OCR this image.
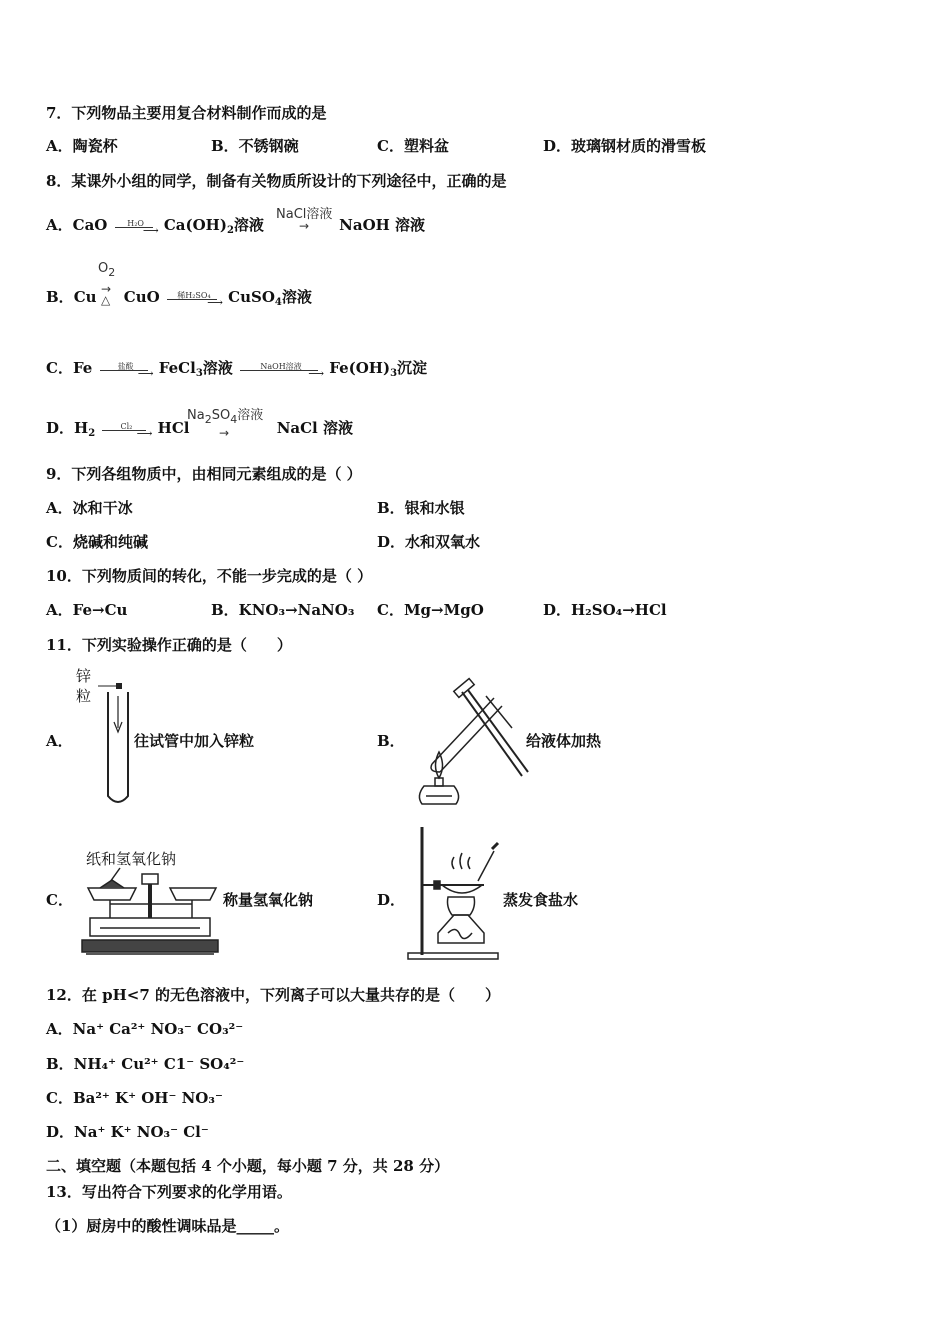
7．下列物品主要用复合材料制作而成的是
A．陶瓷杯	B．不锈钢碗	C．塑料盆	D．玻璃钢材质的滑雪板
8．某课外小组的同学，制备有关物质所设计的下列途径中，正确的是
A．CaO	H₂O
⟶ $Ca(OH)_2$溶液	NaOH 溶液
NaCl溶液
→
$O_2$
→
△
B．Cu CuO	稀H₂SO₄
⟶ CuSO$_4$溶液
C．Fe	盐酸
⟶ FeCl$_3$溶液	NaOH溶液
⟶ $Fe(OH)_3$沉淀
$Na_2SO_4$溶液
→
D．$H_2$
Cl₂
⟶ HCl	NaCl 溶液
9．下列各组物质中，由相同元素组成的是（ ）
A．冰和干冰	B．银和水银
C．烧碱和纯碱	D．水和双氧水
10．下列物质间的转化，不能一步完成的是（ ）
A．Fe→Cu	B．KNO₃→NaNO₃ C．Mg→MgO	D．H₂SO₄→HCl
11．下列实验操作正确的是（　　）
锌
粒
A．	往试管中加入锌粒	B．	给液体加热
C．
纸和氢氧化钠
称量氢氧化钠	D．	蒸发食盐水
12．在 pH<7 的无色溶液中，下列离子可以大量共存的是（　　）
A．Na⁺ Ca²⁺ NO₃⁻ CO₃²⁻
B．NH₄⁺ Cu²⁺ C1⁻ SO₄²⁻
C．Ba²⁺ K⁺ OH⁻ NO₃⁻
D．Na⁺ K⁺ NO₃⁻ Cl⁻
二、填空题（本题包括 4 个小题，每小题 7 分，共 28 分）
13．写出符合下列要求的化学用语。
（1）厨房中的酸性调味品是_____。
